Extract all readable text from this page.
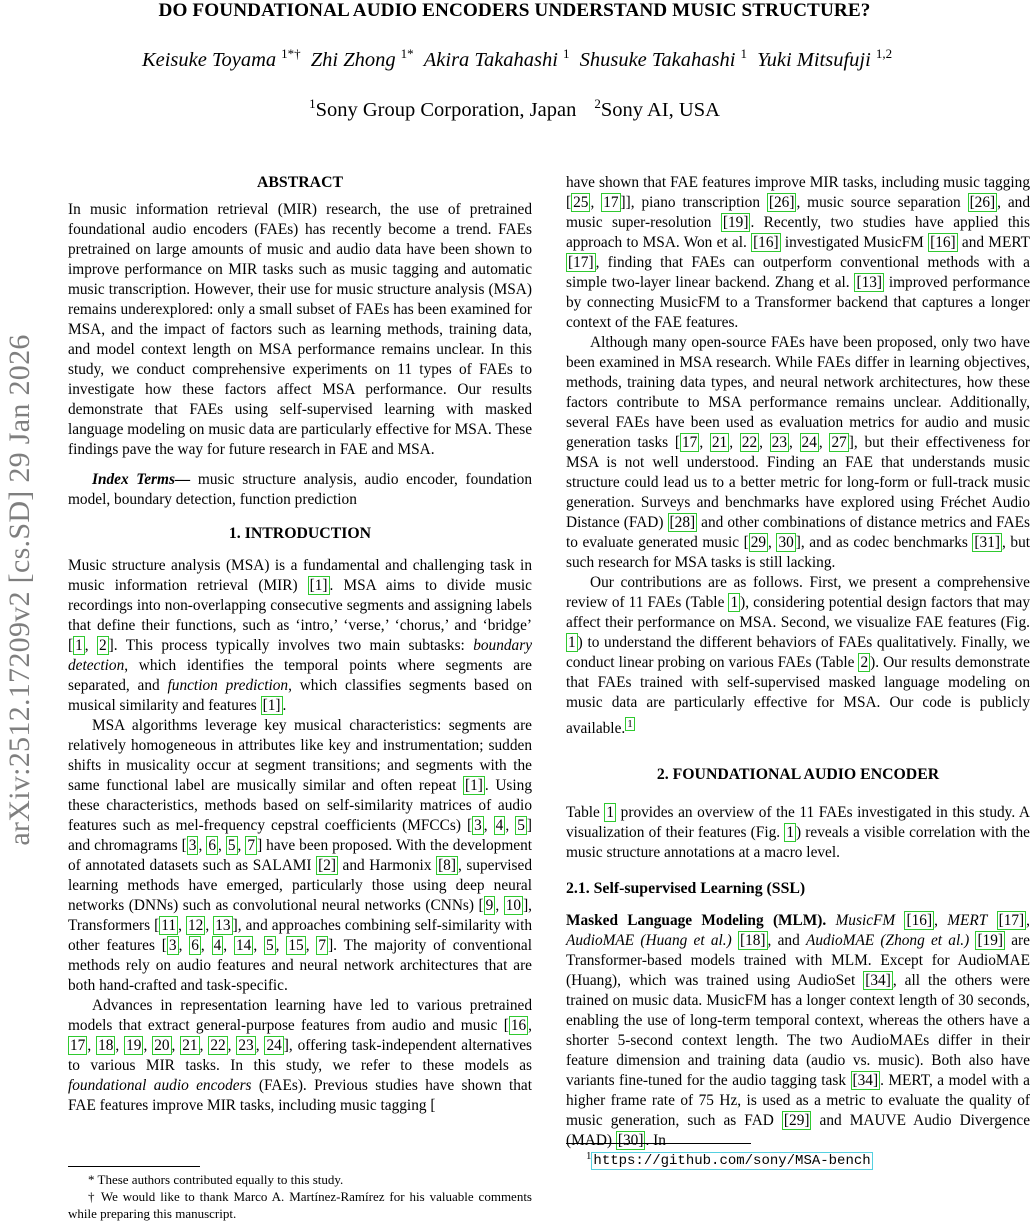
arXiv:2512.17209v2 [cs.SD] 29 Jan 2026
DO FOUNDATIONAL AUDIO ENCODERS UNDERSTAND MUSIC STRUCTURE?
Keisuke Toyama $^{1*\dagger}$ Zhi Zhong $^{1*}$ Akira Takahashi $^1$ Shusuke Takahashi $^1$ Yuki Mitsufuji $^{1,2}$
$^1$Sony Group Corporation, Japan $^2$Sony AI, USA
ABSTRACT

In music information retrieval (MIR) research, the use of pretrained foundational audio encoders (FAEs) has recently become a trend. FAEs pretrained on large amounts of music and audio data have been shown to improve performance on MIR tasks such as music tagging and automatic music transcription. However, their use for music structure analysis (MSA) remains underexplored: only a small subset of FAEs has been examined for MSA, and the impact of factors such as learning methods, training data, and model context length on MSA performance remains unclear. In this study, we conduct comprehensive experiments on 11 types of FAEs to investigate how these factors affect MSA performance. Our results demonstrate that FAEs using self-supervised learning with masked language modeling on music data are particularly effective for MSA. These findings pave the way for future research in FAE and MSA.

Index Terms— music structure analysis, audio encoder, foundation model, boundary detection, function prediction

1. INTRODUCTION

Music structure analysis (MSA) is a fundamental and challenging task in music information retrieval (MIR) [1] . MSA aims to divide music recordings into non-overlapping consecutive segments and assigning labels that define their functions, such as ‘intro,’ ‘verse,’ ‘chorus,’ and ‘bridge’ [ 1 , 2 ]. This process typically involves two main subtasks: boundary detection, which identifies the temporal points where segments are separated, and function prediction, which classifies segments based on musical similarity and features [1] .

MSA algorithms leverage key musical characteristics: segments are relatively homogeneous in attributes like key and instrumentation; sudden shifts in musicality occur at segment transitions; and segments with the same functional label are musically similar and often repeat [1] . Using these characteristics, methods based on self-similarity matrices of audio features such as mel-frequency cepstral coefficients (MFCCs) [ 3 , 4 , 5 ] and chromagrams [ 3 , 6 , 5 , 7 ] have been proposed. With the development of annotated datasets such as SALAMI [2] and Harmonix [8] , supervised learning methods have emerged, particularly those using deep neural networks (DNNs) such as convolutional neural networks (CNNs) [ 9 , 10 ], Transformers [ 11 , 12 , 13 ], and approaches combining self-similarity with other features [ 3 , 6 , 4 , 14 , 5 , 15 , 7 ]. The majority of conventional methods rely on audio features and neural network architectures that are both hand-crafted and task-specific.

Advances in representation learning have led to various pretrained models that extract general-purpose features from audio and music [ 16 , 17 , 18 , 19 , 20 , 21 , 22 , 23 , 24 ], offering task-independent alternatives to various MIR tasks. In this study, we refer to these models as foundational audio encoders (FAEs). Previous studies have shown that FAE features improve MIR tasks, including music tagging [

* These authors contributed equally to this study.

† We would like to thank Marco A. Martínez-Ramírez for his valuable comments while preparing this manuscript.

have shown that FAE features improve MIR tasks, including music tagging [ 25 , 17 ]], piano transcription [26] , music source separation [26] , and music super-resolution [19] . Recently, two studies have applied this approach to MSA. Won et al. [16] investigated MusicFM [16] and MERT [17] , finding that FAEs can outperform conventional methods with a simple two-layer linear backend. Zhang et al. [13] improved performance by connecting MusicFM to a Transformer backend that captures a longer context of the FAE features.

Although many open-source FAEs have been proposed, only two have been examined in MSA research. While FAEs differ in learning objectives, methods, training data types, and neural network architectures, how these factors contribute to MSA performance remains unclear. Additionally, several FAEs have been used as evaluation metrics for audio and music generation tasks [ 17 , 21 , 22 , 23 , 24 , 27 ], but their effectiveness for MSA is not well understood. Finding an FAE that understands music structure could lead us to a better metric for long-form or full-track music generation. Surveys and benchmarks have explored using Fréchet Audio Distance (FAD) [28] and other combinations of distance metrics and FAEs to evaluate generated music [ 29 , 30 ], and as codec benchmarks [31] , but such research for MSA tasks is still lacking.

Our contributions are as follows. First, we present a comprehensive review of 11 FAEs (Table 1 ), considering potential design factors that may affect their performance on MSA. Second, we visualize FAE features (Fig. 1 ) to understand the different behaviors of FAEs qualitatively. Finally, we conduct linear probing on various FAEs (Table 2 ). Our results demonstrate that FAEs trained with self-supervised masked language modeling on music data are particularly effective for MSA. Our code is publicly available. $^1$

2. FOUNDATIONAL AUDIO ENCODER

Table 1 provides an overview of the 11 FAEs investigated in this study. A visualization of their features (Fig. 1 ) reveals a visible correlation with the music structure annotations at a macro level.

2.1. Self-supervised Learning (SSL)

Masked Language Modeling (MLM). MusicFM [16] , MERT [17] , AudioMAE (Huang et al.) [18] , and AudioMAE (Zhong et al.) [19] are Transformer-based models trained with MLM. Except for AudioMAE (Huang), which was trained using AudioSet [34] , all the others were trained on music data. MusicFM has a longer context length of 30 seconds, enabling the use of long-term temporal context, whereas the others have a shorter 5-second context length. The two AudioMAEs differ in their feature dimension and training data (audio vs. music). Both also have variants fine-tuned for the audio tagging task [34] . MERT, a model with a higher frame rate of 75 Hz, is used as a metric to evaluate the quality of music generation, such as FAD [29] and MAUVE Audio Divergence (MAD) [30] . In

$^1$ https://github.com/sony/MSA-bench
